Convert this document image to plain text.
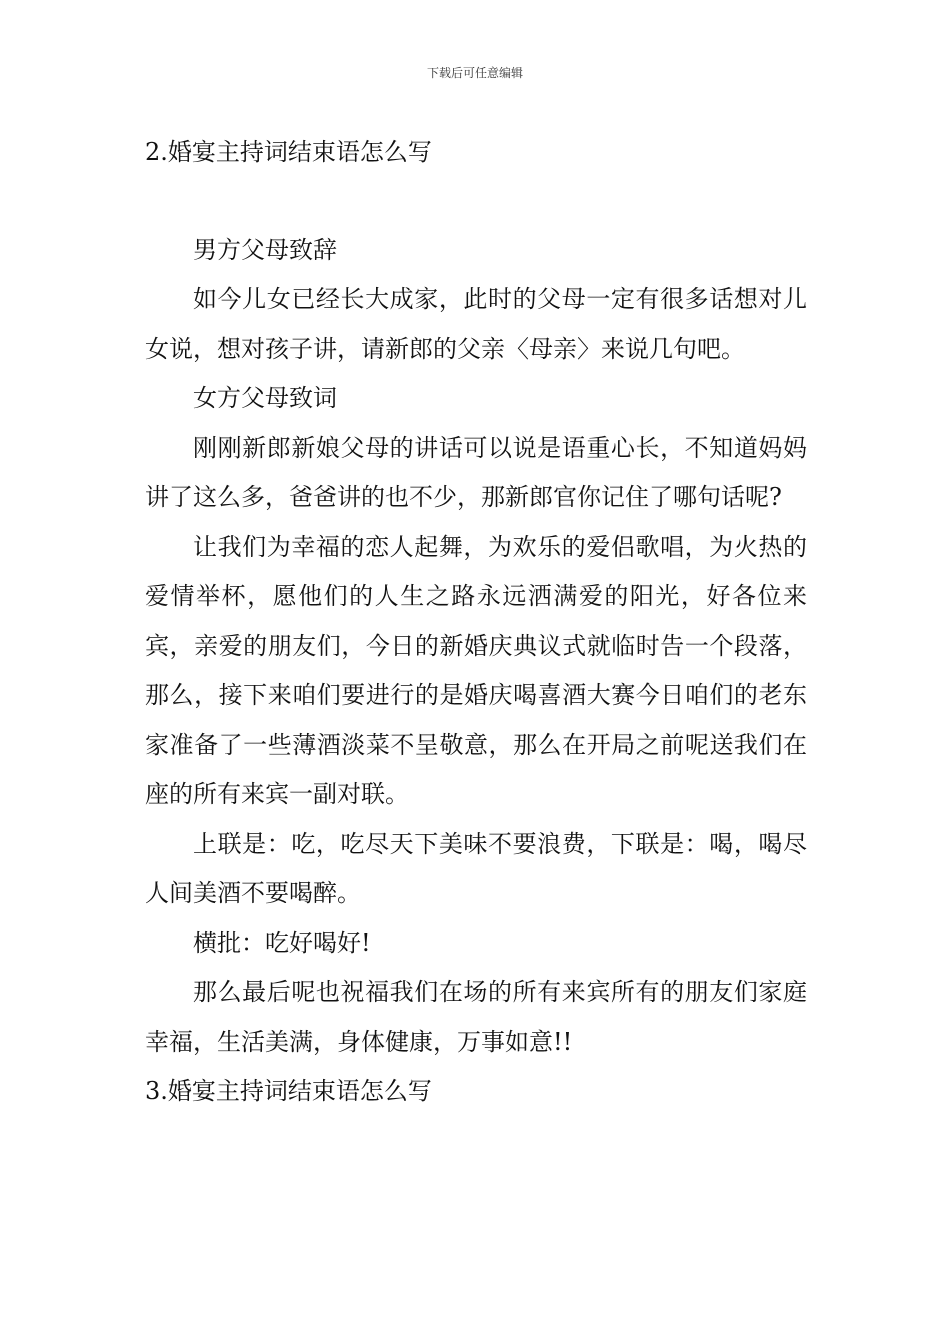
下载后可任意编辑

2.婚宴主持词结束语怎么写

男方父母致辞

如今儿女已经长大成家，此时的父母一定有很多话想对儿女说，想对孩子讲，请新郎的父亲〈母亲〉来说几句吧。

女方父母致词

刚刚新郎新娘父母的讲话可以说是语重心长，不知道妈妈讲了这么多，爸爸讲的也不少，那新郎官你记住了哪句话呢?

让我们为幸福的恋人起舞，为欢乐的爱侣歌唱，为火热的爱情举杯，愿他们的人生之路永远洒满爱的阳光，好各位来宾，亲爱的朋友们，今日的新婚庆典议式就临时告一个段落，那么，接下来咱们要进行的是婚庆喝喜酒大赛今日咱们的老东家准备了一些薄酒淡菜不呈敬意，那么在开局之前呢送我们在座的所有来宾一副对联。

上联是：吃，吃尽天下美味不要浪费，下联是：喝，喝尽人间美酒不要喝醉。

横批：吃好喝好!

那么最后呢也祝福我们在场的所有来宾所有的朋友们家庭幸福，生活美满，身体健康，万事如意!!

3.婚宴主持词结束语怎么写
